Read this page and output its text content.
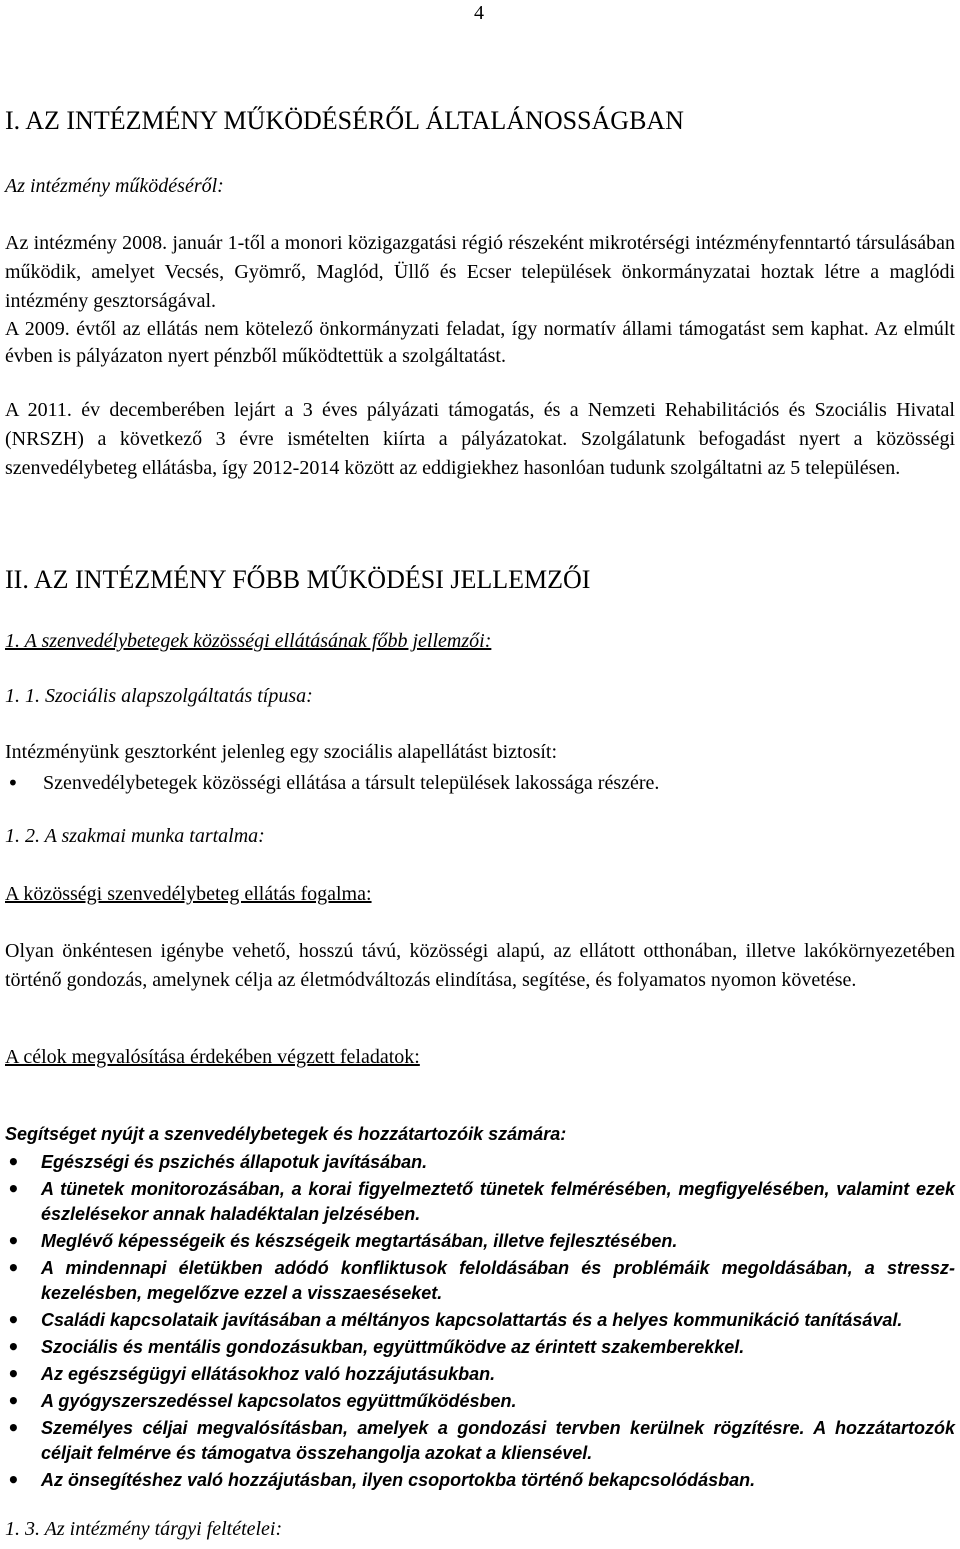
4
I. AZ INTÉZMÉNY MŰKÖDÉSÉRŐL ÁLTALÁNOSSÁGBAN
Az intézmény működéséről:

Az intézmény 2008. január 1-től a monori közigazgatási régió részeként mikrotérségi intézményfenntartó társulásában működik, amelyet Vecsés, Gyömrő, Maglód, Üllő és Ecser települések önkormányzatai hoztak létre a maglódi intézmény gesztorságával.

A 2009. évtől az ellátás nem kötelező önkormányzati feladat, így normatív állami támogatást sem kaphat. Az elmúlt évben is pályázaton nyert pénzből működtettük a szolgáltatást.

A 2011. év decemberében lejárt a 3 éves pályázati támogatás, és a Nemzeti Rehabilitációs és Szociális Hivatal (NRSZH) a következő 3 évre ismételten kiírta a pályázatokat. Szolgálatunk befogadást nyert a közösségi szenvedélybeteg ellátásba, így 2012-2014 között az eddigiekhez hasonlóan tudunk szolgáltatni az 5 településen.

II. AZ INTÉZMÉNY FŐBB MŰKÖDÉSI JELLEMZŐI
1. A szenvedélybetegek közösségi ellátásának főbb jellemzői:
1. 1. Szociális alapszolgáltatás típusa:
Intézményünk gesztorként jelenleg egy szociális alapellátást biztosít:
• Szenvedélybetegek közösségi ellátása a társult települések lakossága részére.
1. 2. A szakmai munka tartalma:
A közösségi szenvedélybeteg ellátás fogalma:

Olyan önkéntesen igénybe vehető, hosszú távú, közösségi alapú, az ellátott otthonában, illetve lakókörnyezetében történő gondozás, amelynek célja az életmódváltozás elindítása, segítése, és folyamatos nyomon követése.

A célok megvalósítása érdekében végzett feladatok:
Segítséget nyújt a szenvedélybetegek és hozzátartozóik számára:
• Egészségi és pszichés állapotuk javításában.
• A tünetek monitorozásában, a korai figyelmeztető tünetek felmérésében, megfigyelésében, valamint ezek észlelésekor annak haladéktalan jelzésében.
• Meglévő képességeik és készségeik megtartásában, illetve fejlesztésében.
• A mindennapi életükben adódó konfliktusok feloldásában és problémáik megoldásában, a stressz-kezelésben, megelőzve ezzel a visszaeséseket.
• Családi kapcsolataik javításában a méltányos kapcsolattartás és a helyes kommunikáció tanításával.
• Szociális és mentális gondozásukban, együttműködve az érintett szakemberekkel.
• Az egészségügyi ellátásokhoz való hozzájutásukban.
• A gyógyszerszedéssel kapcsolatos együttműködésben.
• Személyes céljai megvalósításban, amelyek a gondozási tervben kerülnek rögzítésre. A hozzátartozók céljait felmérve és támogatva összehangolja azokat a kliensével.
• Az önsegítéshez való hozzájutásban, ilyen csoportokba történő bekapcsolódásban.
1. 3. Az intézmény tárgyi feltételei:
